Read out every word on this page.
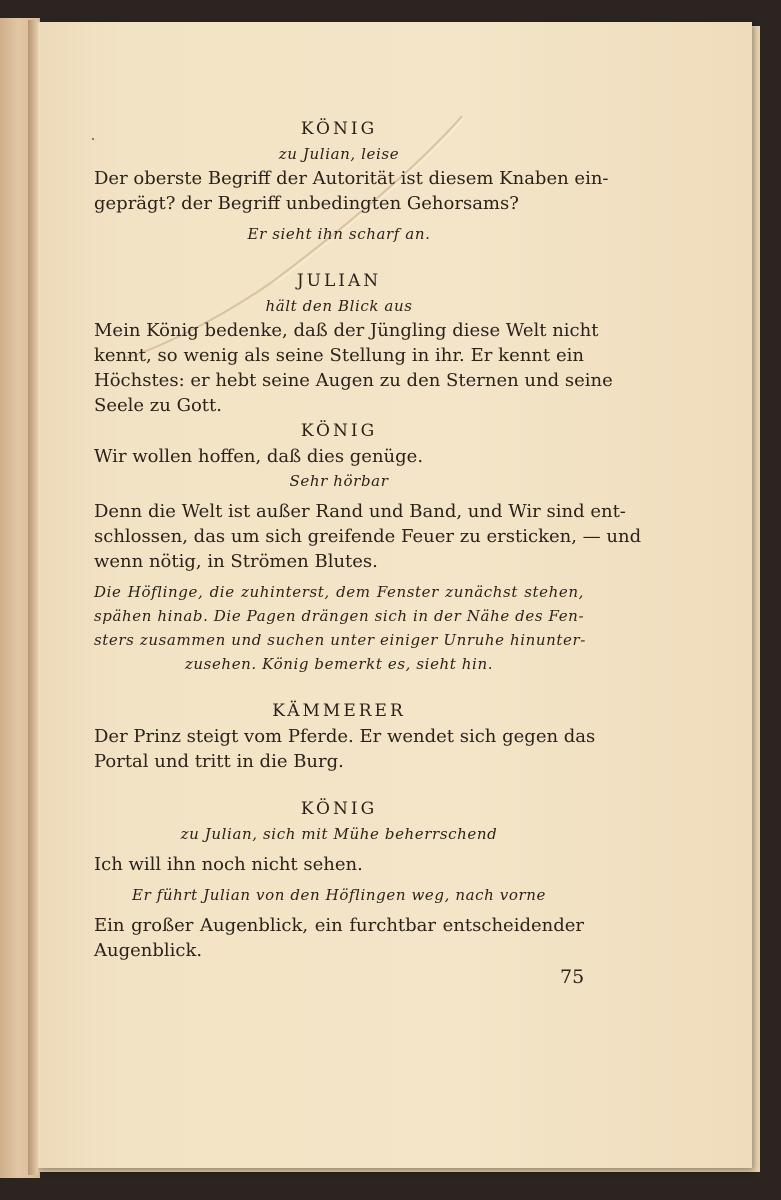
KÖNIG
zu Julian, leise
Der oberste Begriff der Autorität ist diesem Knaben ein-
geprägt? der Begriff unbedingten Gehorsams?
Er sieht ihn scharf an.
JULIAN
hält den Blick aus
Mein König bedenke, daß der Jüngling diese Welt nicht
kennt, so wenig als seine Stellung in ihr. Er kennt ein
Höchstes: er hebt seine Augen zu den Sternen und seine
Seele zu Gott.
KÖNIG
Wir wollen hoffen, daß dies genüge.
Sehr hörbar
Denn die Welt ist außer Rand und Band, und Wir sind ent-
schlossen, das um sich greifende Feuer zu ersticken, — und
wenn nötig, in Strömen Blutes.
Die Höflinge, die zuhinterst, dem Fenster zunächst stehen,
spähen hinab. Die Pagen drängen sich in der Nähe des Fen-
sters zusammen und suchen unter einiger Unruhe hinunter-
zusehen. König bemerkt es, sieht hin.
KÄMMERER
Der Prinz steigt vom Pferde. Er wendet sich gegen das
Portal und tritt in die Burg.
KÖNIG
zu Julian, sich mit Mühe beherrschend
Ich will ihn noch nicht sehen.
Er führt Julian von den Höflingen weg, nach vorne
Ein großer Augenblick, ein furchtbar entscheidender
Augenblick.
75
